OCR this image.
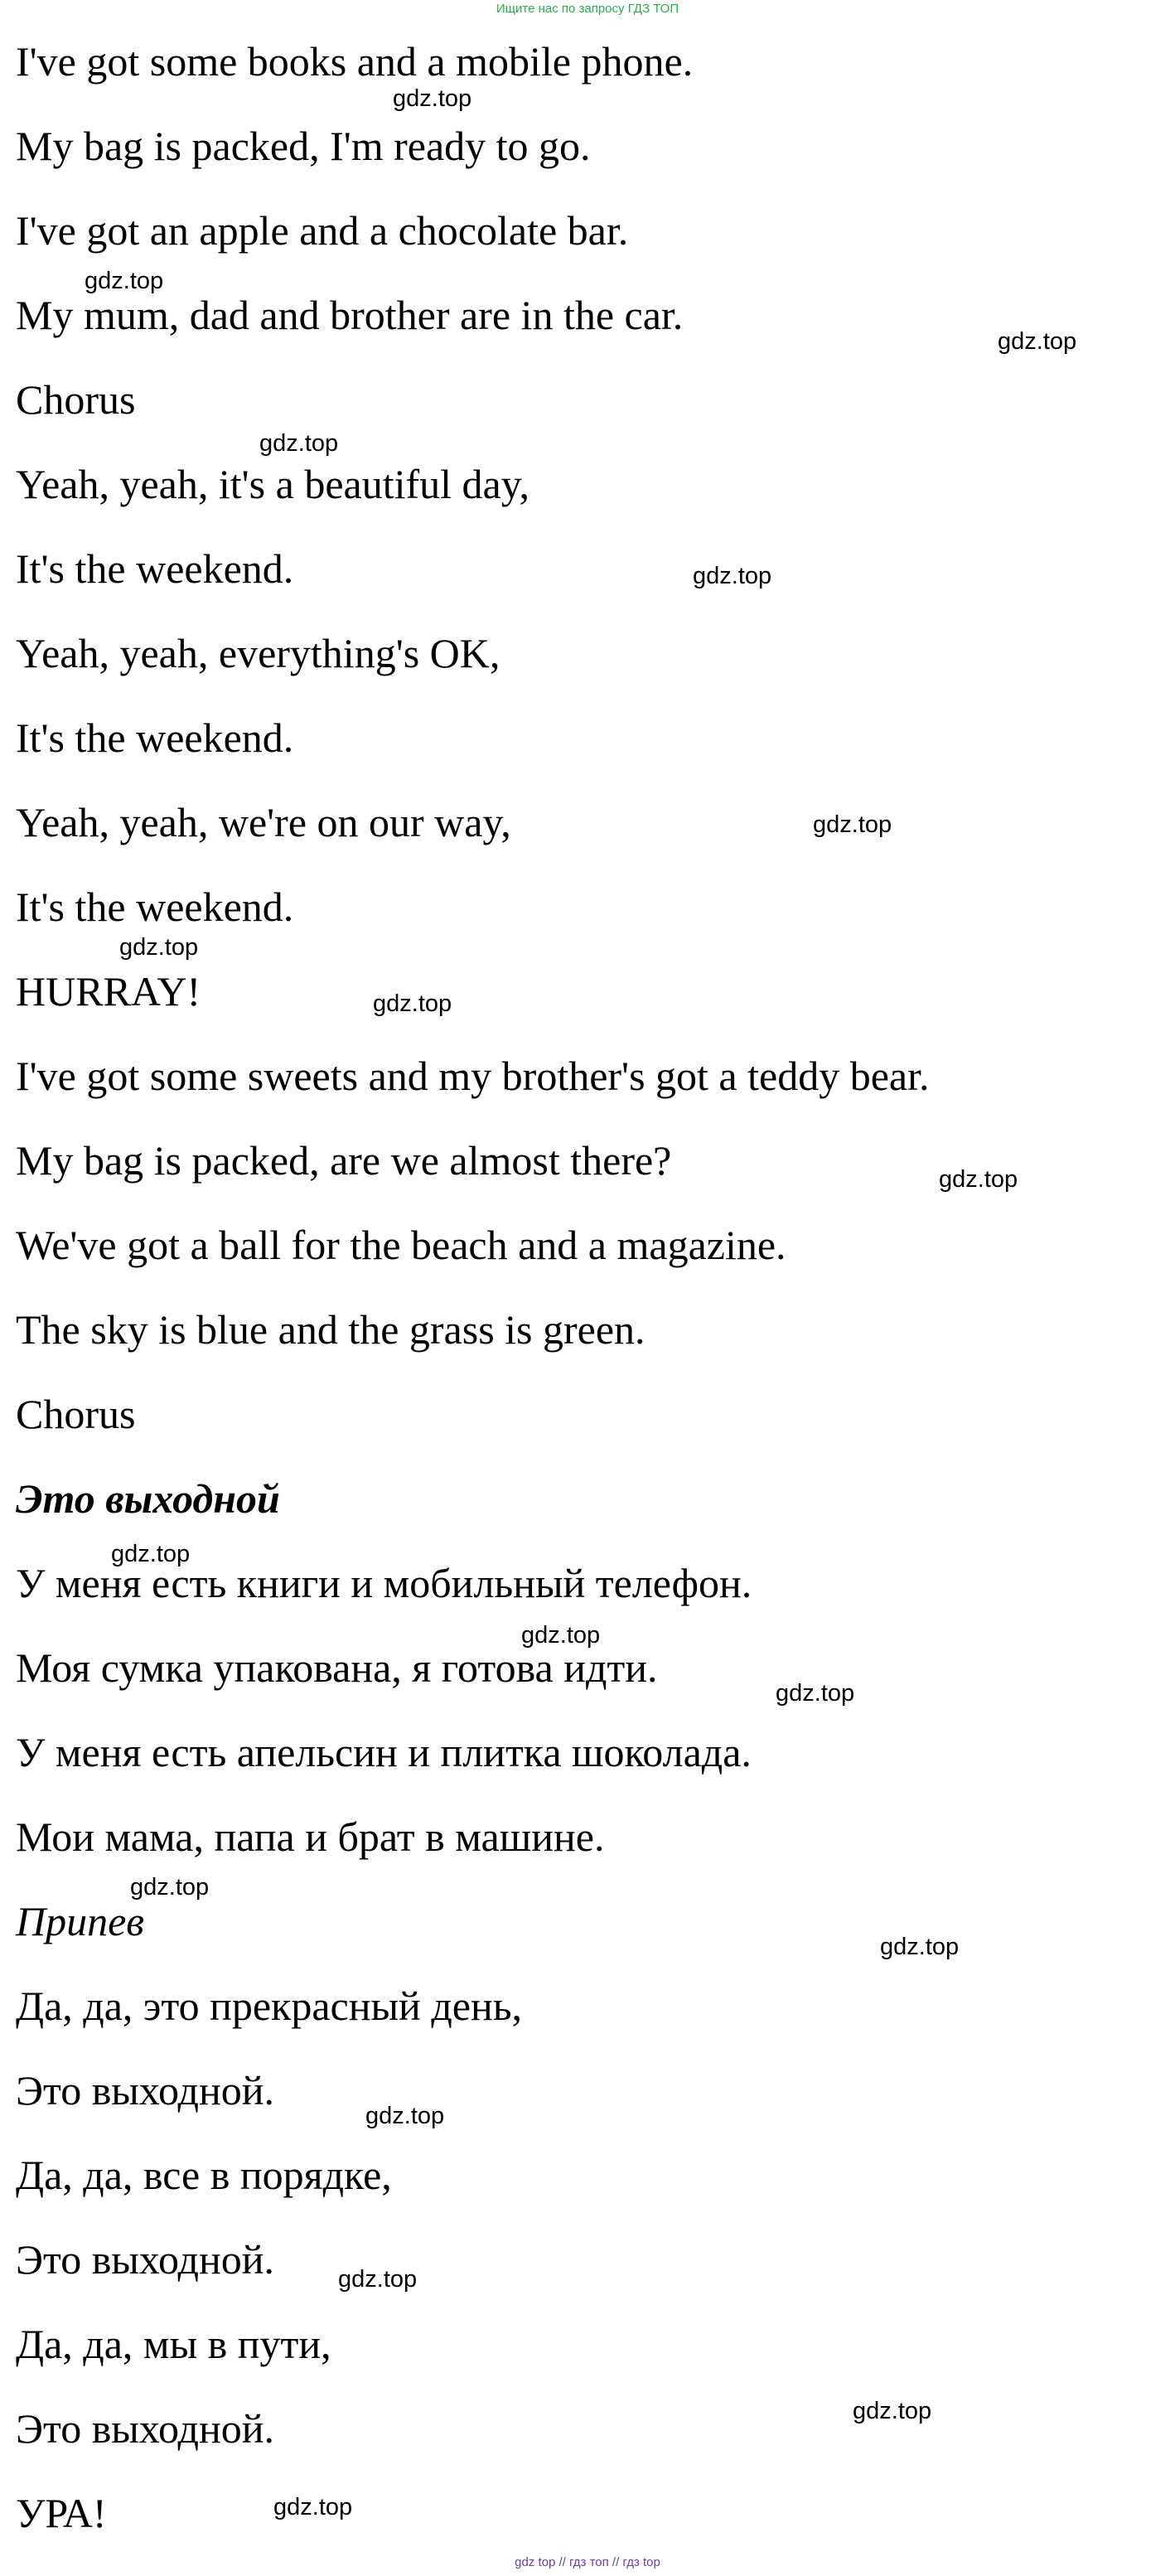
Ищите нас по запросу ГДЗ ТОП

I've got some books and a mobile phone.

My bag is packed, I'm ready to go.

I've got an apple and a chocolate bar.

My mum, dad and brother are in the car.

Chorus

Yeah, yeah, it's a beautiful day,

It's the weekend.

Yeah, yeah, everything's OK,

It's the weekend.

Yeah, yeah, we're on our way,

It's the weekend.

HURRAY!

I've got some sweets and my brother's got a teddy bear.

My bag is packed, are we almost there?

We've got a ball for the beach and a magazine.

The sky is blue and the grass is green.

Chorus

Это выходной

У меня есть книги и мобильный телефон.

Моя сумка упакована, я готова идти.

У меня есть апельсин и плитка шоколада.

Мои мама, папа и брат в машине.

Припев

Да, да, это прекрасный день,

Это выходной.

Да, да, все в порядке,

Это выходной.

Да, да, мы в пути,

Это выходной.

УРА!

gdz.top
gdz.top
gdz.top
gdz.top
gdz.top
gdz.top
gdz.top
gdz.top
gdz.top
gdz.top
gdz.top
gdz.top
gdz.top
gdz.top
gdz.top
gdz.top
gdz.top
gdz.top
gdz top // гдз топ // гдз top
